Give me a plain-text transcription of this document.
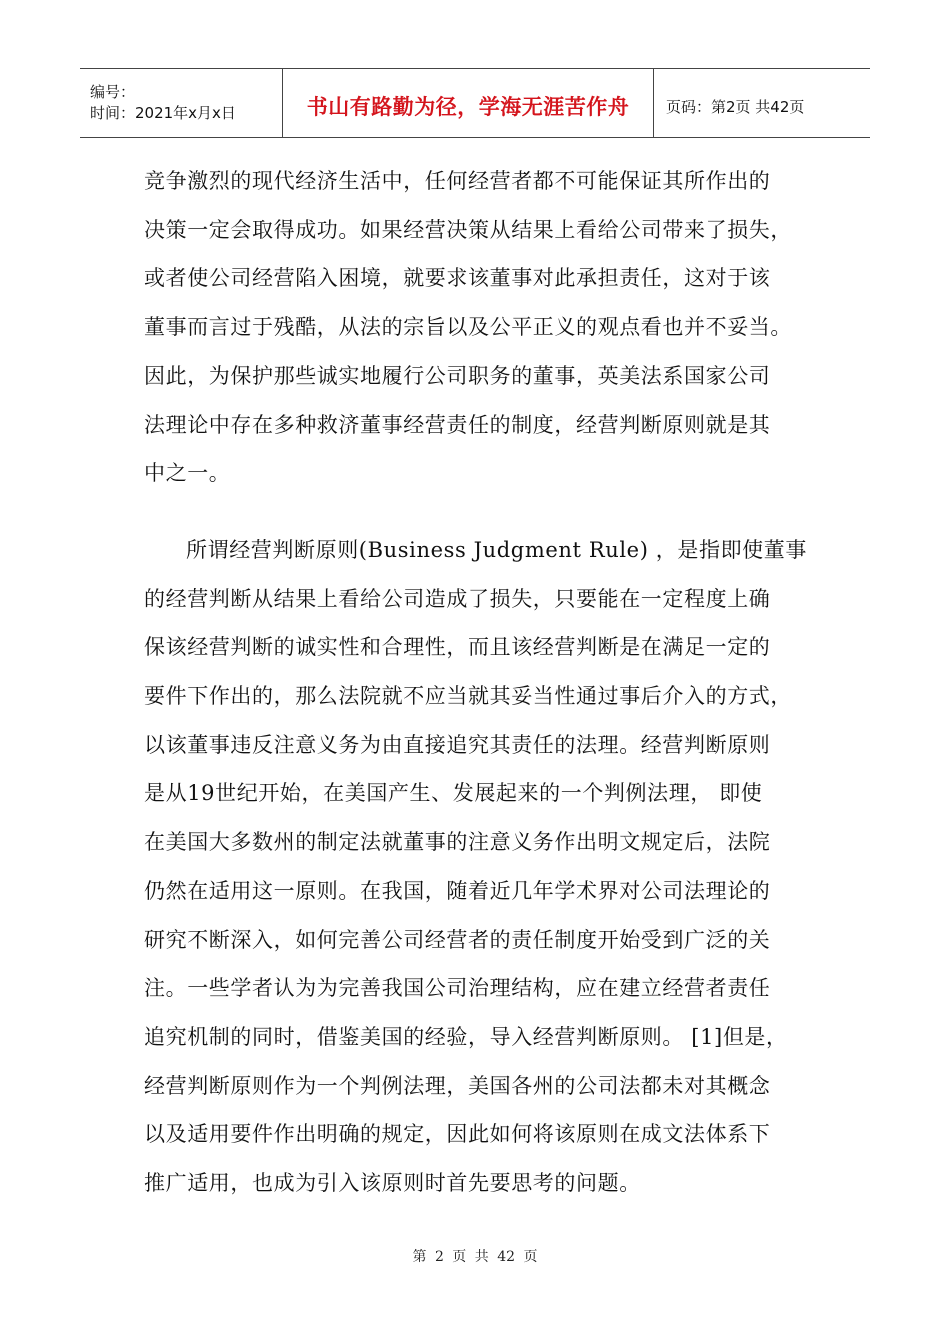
编号：
时间：2021年x月x日	书山有路勤为径，学海无涯苦作舟 页码：第2页 共42页

竞争激烈的现代经济生活中，任何经营者都不可能保证其所作出的
决策一定会取得成功。如果经营决策从结果上看给公司带来了损失，
或者使公司经营陷入困境，就要求该董事对此承担责任，这对于该
董事而言过于残酷，从法的宗旨以及公平正义的观点看也并不妥当。
因此，为保护那些诚实地履行公司职务的董事，英美法系国家公司
法理论中存在多种救济董事经营责任的制度，经营判断原则就是其
中之一。

所谓经营判断原则(Business Judgment Rule) ，是指即使董事
的经营判断从结果上看给公司造成了损失，只要能在一定程度上确
保该经营判断的诚实性和合理性，而且该经营判断是在满足一定的
要件下作出的，那么法院就不应当就其妥当性通过事后介入的方式，
以该董事违反注意义务为由直接追究其责任的法理。经营判断原则
是从19世纪开始，在美国产生、发展起来的一个判例法理， 即使
在美国大多数州的制定法就董事的注意义务作出明文规定后，法院
仍然在适用这一原则。在我国，随着近几年学术界对公司法理论的
研究不断深入，如何完善公司经营者的责任制度开始受到广泛的关
注。一些学者认为为完善我国公司治理结构，应在建立经营者责任
追究机制的同时，借鉴美国的经验，导入经营判断原则。 [1]但是，
经营判断原则作为一个判例法理，美国各州的公司法都未对其概念
以及适用要件作出明确的规定，因此如何将该原则在成文法体系下
推广适用，也成为引入该原则时首先要思考的问题。

第 2 页 共 42 页
